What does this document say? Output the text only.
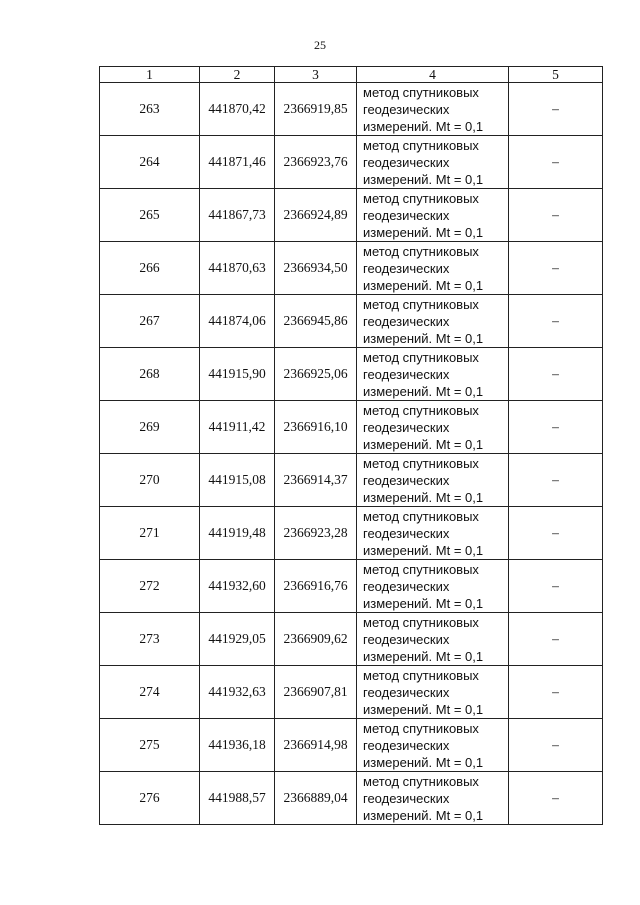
25
1	2	3	4	5
263	441870,42	2366919,85	метод спутниковых
геодезических
измерений. Mt = 0,1	–
264	441871,46	2366923,76	метод спутниковых
геодезических
измерений. Mt = 0,1	–
265	441867,73	2366924,89	метод спутниковых
геодезических
измерений. Mt = 0,1	–
266	441870,63	2366934,50	метод спутниковых
геодезических
измерений. Mt = 0,1	–
267	441874,06	2366945,86	метод спутниковых
геодезических
измерений. Mt = 0,1	–
268	441915,90	2366925,06	метод спутниковых
геодезических
измерений. Mt = 0,1	–
269	441911,42	2366916,10	метод спутниковых
геодезических
измерений. Mt = 0,1	–
270	441915,08	2366914,37	метод спутниковых
геодезических
измерений. Mt = 0,1	–
271	441919,48	2366923,28	метод спутниковых
геодезических
измерений. Mt = 0,1	–
272	441932,60	2366916,76	метод спутниковых
геодезических
измерений. Mt = 0,1	–
273	441929,05	2366909,62	метод спутниковых
геодезических
измерений. Mt = 0,1	–
274	441932,63	2366907,81	метод спутниковых
геодезических
измерений. Mt = 0,1	–
275	441936,18	2366914,98	метод спутниковых
геодезических
измерений. Mt = 0,1	–
276	441988,57	2366889,04	метод спутниковых
геодезических
измерений. Mt = 0,1	–
